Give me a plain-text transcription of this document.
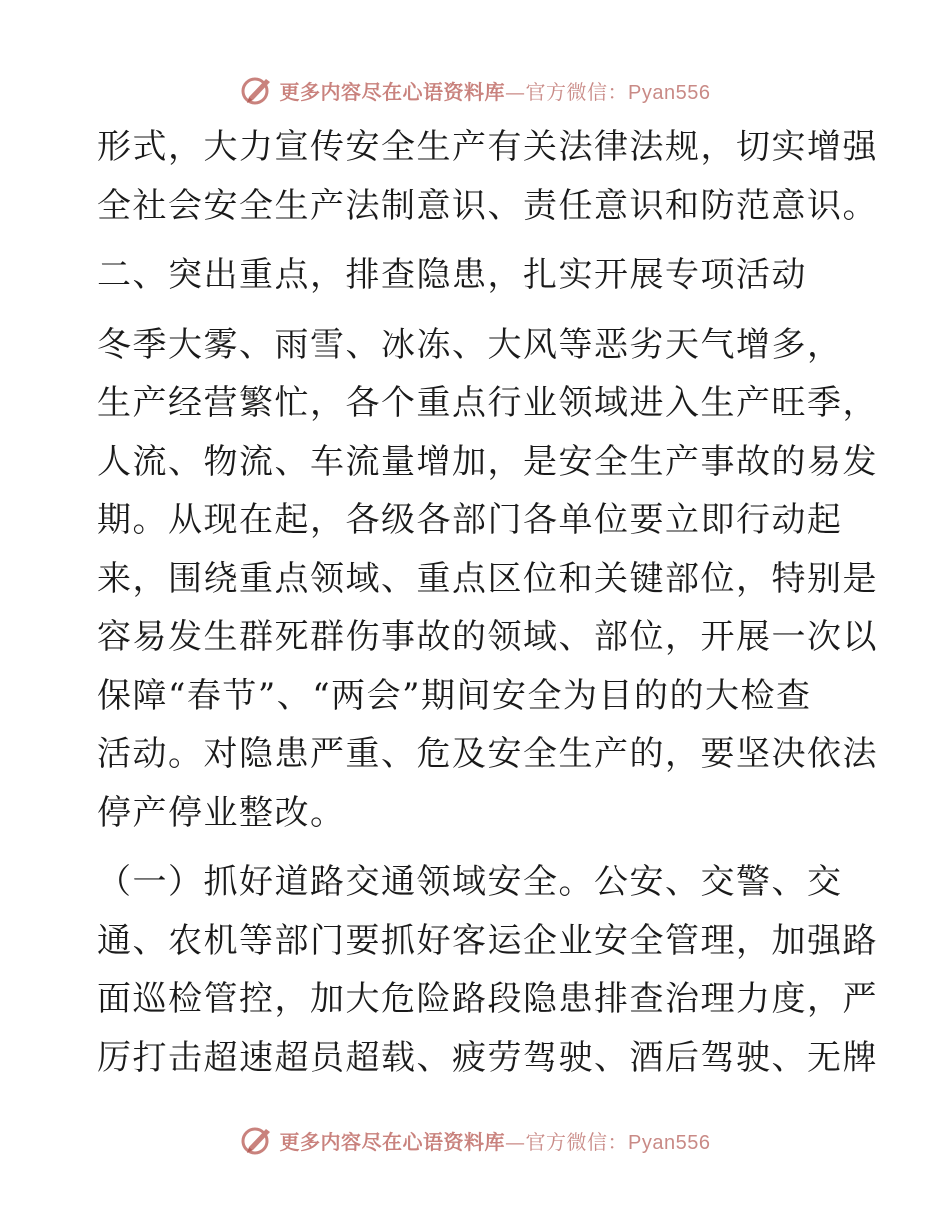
更多内容尽在心语资料库—官方微信：Pyan556
形式，大力宣传安全生产有关法律法规，切实增强
全社会安全生产法制意识、责任意识和防范意识。
二、突出重点，排查隐患，扎实开展专项活动
冬季大雾、雨雪、冰冻、大风等恶劣天气增多，
生产经营繁忙，各个重点行业领域进入生产旺季，
人流、物流、车流量增加，是安全生产事故的易发
期。从现在起，各级各部门各单位要立即行动起
来，围绕重点领域、重点区位和关键部位，特别是
容易发生群死群伤事故的领域、部位，开展一次以
保障“春节”、“两会”期间安全为目的的大检查
活动。对隐患严重、危及安全生产的，要坚决依法
停产停业整改。
（一）抓好道路交通领域安全。公安、交警、交
通、农机等部门要抓好客运企业安全管理，加强路
面巡检管控，加大危险路段隐患排查治理力度，严
厉打击超速超员超载、疲劳驾驶、酒后驾驶、无牌
更多内容尽在心语资料库—官方微信：Pyan556
